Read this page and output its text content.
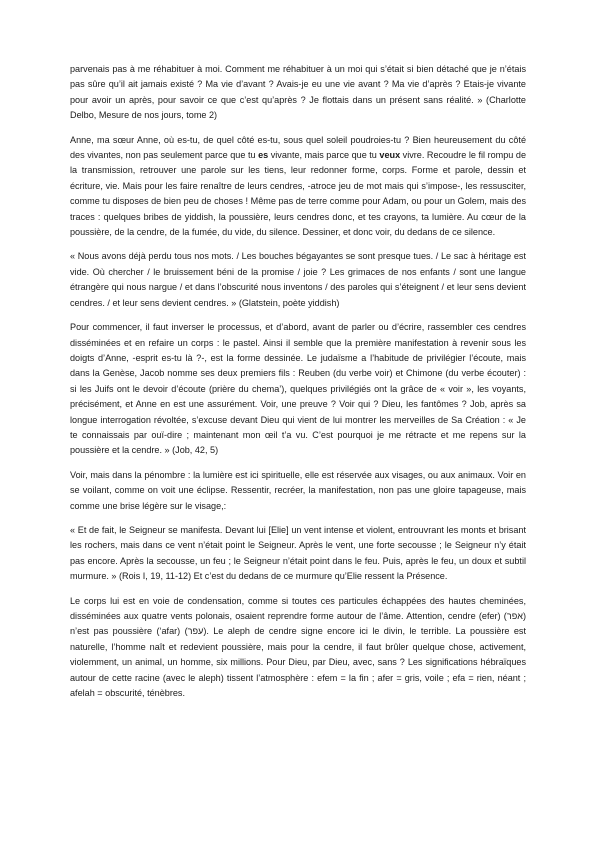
parvenais pas à me réhabituer à moi. Comment me réhabituer à un moi qui s’était si bien détaché que je n’étais pas sûre qu’il ait jamais existé ? Ma vie d’avant ? Avais-je eu une vie avant ? Ma vie d’après ? Etais-je vivante pour avoir un après, pour savoir ce que c’est qu’après ? Je flottais dans un présent sans réalité. » (Charlotte Delbo, Mesure de nos jours, tome 2)

Anne, ma sœur Anne, où es-tu, de quel côté es-tu, sous quel soleil poudroies-tu ? Bien heureusement du côté des vivantes, non pas seulement parce que tu es vivante, mais parce que tu veux vivre. Recoudre le fil rompu de la transmission, retrouver une parole sur les tiens, leur redonner forme, corps. Forme et parole, dessin et écriture, vie. Mais pour les faire renaître de leurs cendres, -atroce jeu de mot mais qui s’impose-, les ressusciter, comme tu disposes de bien peu de choses ! Même pas de terre comme pour Adam, ou pour un Golem, mais des traces : quelques bribes de yiddish, la poussière, leurs cendres donc, et tes crayons, ta lumière. Au cœur de la poussière, de la cendre, de la fumée, du vide, du silence. Dessiner, et donc voir, du dedans de ce silence.

« Nous avons déjà perdu tous nos mots. / Les bouches bégayantes se sont presque tues. / Le sac à héritage est vide. Où chercher / le bruissement béni de la promise / joie ? Les grimaces de nos enfants / sont une langue étrangère qui nous nargue / et dans l’obscurité nous inventons / des paroles qui s’éteignent / et leur sens devient cendres. / et leur sens devient cendres. » (Glatstein, poète yiddish)

Pour commencer, il faut inverser le processus, et d’abord, avant de parler ou d’écrire, rassembler ces cendres disséminées et en refaire un corps : le pastel. Ainsi il semble que la première manifestation à revenir sous les doigts d’Anne, -esprit es-tu là ?-, est la forme dessinée. Le judaïsme a l’habitude de privilégier l’écoute, mais dans la Genèse, Jacob nomme ses deux premiers fils : Reuben (du verbe voir) et Chimone (du verbe écouter) : si les Juifs ont le devoir d’écoute (prière du chema’), quelques privilégiés ont la grâce de « voir », les voyants, précisément, et Anne en est une assurément. Voir, une preuve ? Voir qui ? Dieu, les fantômes ? Job, après sa longue interrogation révoltée, s’excuse devant Dieu qui vient de lui montrer les merveilles de Sa Création : « Je te connaissais par ouï-dire ; maintenant mon œil t’a vu. C’est pourquoi je me rétracte et me repens sur la poussière et la cendre. » (Job, 42, 5)

Voir, mais dans la pénombre : la lumière est ici spirituelle, elle est réservée aux visages, ou aux animaux. Voir en se voilant, comme on voit une éclipse. Ressentir, recréer, la manifestation, non pas une gloire tapageuse, mais comme une brise légère sur le visage,:

« Et de fait, le Seigneur se manifesta. Devant lui [Elie] un vent intense et violent, entrouvrant les monts et brisant les rochers, mais dans ce vent n’était point le Seigneur. Après le vent, une forte secousse ; le Seigneur n’y était pas encore. Après la secousse, un feu ; le Seigneur n’était point dans le feu. Puis, après le feu, un doux et subtil murmure. » (Rois I, 19, 11-12) Et c’est du dedans de ce murmure qu’Elie ressent la Présence.

Le corps lui est en voie de condensation, comme si toutes ces particules échappées des hautes cheminées, disséminées aux quatre vents polonais, osaient reprendre forme autour de l’âme. Attention, cendre (efer) (אפר) n’est pas poussière (‘afar) (עפר). Le aleph de cendre signe encore ici le divin, le terrible. La poussière est naturelle, l’homme naît et redevient poussière, mais pour la cendre, il faut brûler quelque chose, activement, violemment, un animal, un homme, six millions. Pour Dieu, par Dieu, avec, sans ? Les significations hébraïques autour de cette racine (avec le aleph) tissent l’atmosphère : efem = la fin ; afer = gris, voile ; efa = rien, néant ; afelah = obscurité, ténèbres.
